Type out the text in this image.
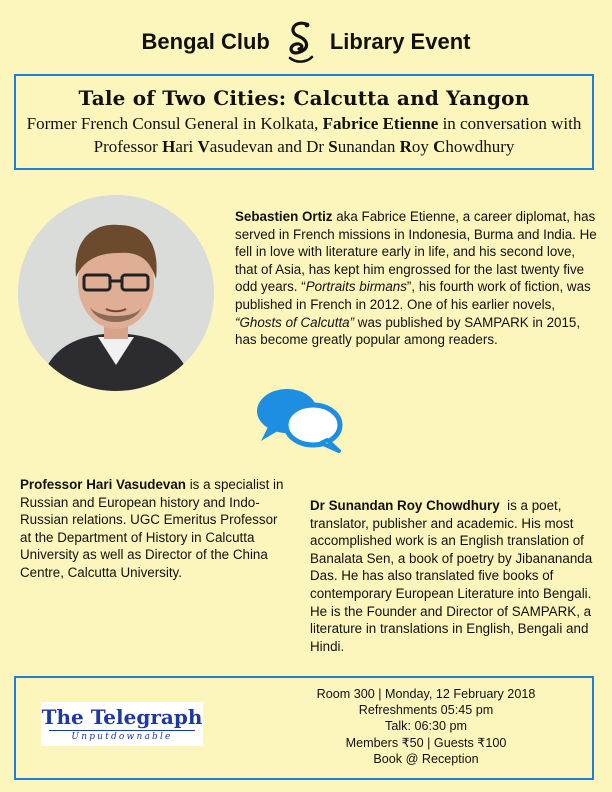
Bengal Club	Library Event
Tale of Two Cities: Calcutta and Yangon
Former French Consul General in Kolkata, Fabrice Etienne in conversation with
Professor Hari Vasudevan and Dr Sunandan Roy Chowdhury
Sebastien Ortiz aka Fabrice Etienne, a career diplomat, has served in French missions in Indonesia, Burma and India. He fell in love with literature early in life, and his second love, that of Asia, has kept him engrossed for the last twenty five odd years. “Portraits birmans”, his fourth work of fiction, was published in French in 2012. One of his earlier novels, “Ghosts of Calcutta” was published by SAMPARK in 2015, has become greatly popular among readers.
Professor Hari Vasudevan is a specialist in Russian and European history and Indo-Russian relations. UGC Emeritus Professor at the Department of History in Calcutta University as well as Director of the China Centre, Calcutta University.
Dr Sunandan Roy Chowdhury  is a poet, translator, publisher and academic. His most accomplished work is an English translation of Banalata Sen, a book of poetry by Jibanananda Das. He has also translated five books of contemporary European Literature into Bengali. He is the Founder and Director of SAMPARK, a literature in translations in English, Bengali and Hindi.
The Telegraph
Unputdownable
Room 300 | Monday, 12 February 2018
Refreshments 05:45 pm
Talk: 06:30 pm
Members ₹50 | Guests ₹100
Book @ Reception
